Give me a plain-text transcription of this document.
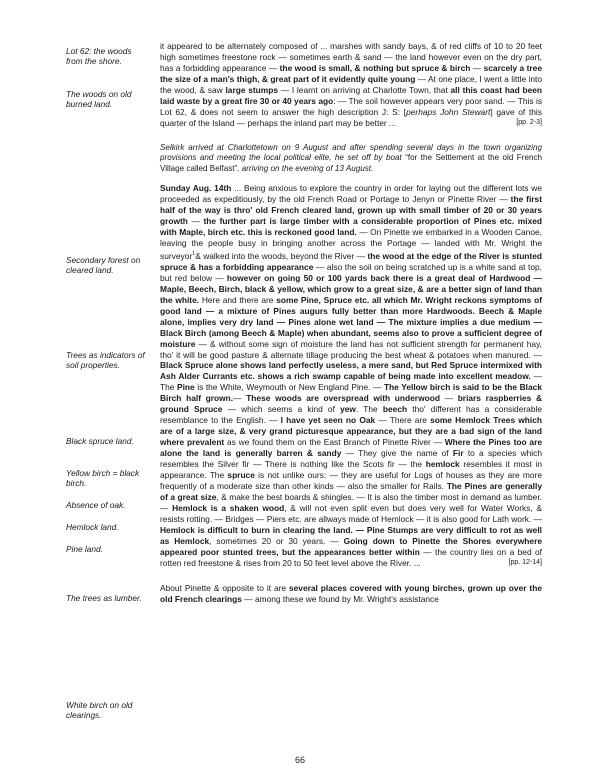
Lot 62: the woods from the shore.
The woods on old burned land.
Secondary forest on cleared land.
Trees as indicators of soil properties.
Black spruce land.
Yellow birch = black birch.
Absence of oak.
Hemlock land.
Pine land.
The trees as lumber.
White birch on old clearings.

it appeared to be alternately composed of ... marshes with sandy bays, & of red cliffs of 10 to 20 feet high sometimes freestone rock — sometimes earth & sand — the land however even on the dry part, has a forbidding appearance — the wood is small, & nothing but spruce & birch — scarcely a tree the size of a man's thigh, & great part of it evidently quite young — At one place, I went a little into the wood, & saw large stumps — I learnt on arriving at Charlotte Town, that all this coast had been laid waste by a great fire 30 or 40 years ago: — The soil however appears very poor sand. — This is Lot 62, & does not seem to answer the high description J: S: [perhaps John Stewart] gave of this quarter of the Island — perhaps the inland part may be better ...	[pp. 2-3]

Selkirk arrived at Charlottetown on 9 August and after spending several days in the town organizing provisions and meeting the local political elite, he set off by boat “for the Settlement at the old French Village called Belfast”, arriving on the evening of 13 August.

Sunday Aug. 14th ... Being anxious to explore the country in order for laying out the different lots we proceeded as expeditiously, by the old French Road or Portage to Jenyn or Pinette River — the first half of the way is thro' old French cleared land, grown up with small timber of 20 or 30 years growth — the further part is large timber with a considerable proportion of Pines etc. mixed with Maple, birch etc. this is reckoned good land. — On Pinette we embarked in a Wooden Canoe, leaving the people busy in bringing another across the Portage — landed with Mr. Wright the surveyor$^1$& walked into the woods, beyond the River — the wood at the edge of the River is stunted spruce & has a forbidding appearance — also the soil on being scratched up is a white sand at top, but red below — however on going 50 or 100 yards back there is a great deal of Hardwood — Maple, Beech, Birch, black & yellow, which grow to a great size, & are a better sign of land than the white. Here and there are some Pine, Spruce etc. all which Mr. Wright reckons symptoms of good land — a mixture of Pines augurs fully better than more Hardwoods. Beech & Maple alone, implies very dry land — Pines alone wet land — The mixture implies a due medium — Black Birch (among Beech & Maple) when abundant, seems also to prove a sufficient degree of moisture — & without some sign of moisture the land has not sufficient strength for permanent hay, tho' it will be good pasture & alternate tillage producing the best wheat & potatoes when manured. — Black Spruce alone shows land perfectly useless, a mere sand, but Red Spruce intermixed with Ash Alder Currants etc. shows a rich swamp capable of being made into excellent meadow. — The Pine is the White, Weymouth or New England Pine. — The Yellow birch is said to be the Black Birch half grown.— These woods are overspread with underwood — briars raspberries & ground Spruce — which seems a kind of yew. The beech tho' different has a considerable resemblance to the English. — I have yet seen no Oak — There are some Hemlock Trees which are of a large size, & very grand picturesque appearance, but they are a bad sign of the land where prevalent as we found them on the East Branch of Pinette River — Where the Pines too are alone the land is generally barren & sandy — They give the name of Fir to a species which resembles the Silver fir — There is nothing like the Scots fir — the hemlock resembles it most in appearance. The spruce is not unlike ours: — they are useful for Logs of houses as they are more frequently of a moderate size than other kinds — also the smaller for Rails. The Pines are generally of a great size, & make the best boards & shingles. — It is also the timber most in demand as lumber. — Hemlock is a shaken wood, & will not even split even but does very well for Water Works, & resists rotting. — Bridges — Piers etc. are allways made of Hemlock — it is also good for Lath work. — Hemlock is difficult to burn in clearing the land. — Pine Stumps are very difficult to rot as well as Hemlock, sometimes 20 or 30 years. — Going down to Pinette the Shores everywhere appeared poor stunted trees, but the appearances better within — the country lies on a bed of rotten red freestone & rises from 20 to 50 feet level above the River. ...	[pp. 12-14]

About Pinette & opposite to it are several places covered with young birches, grown up over the old French clearings — among these we found by Mr. Wright's assistance

66
